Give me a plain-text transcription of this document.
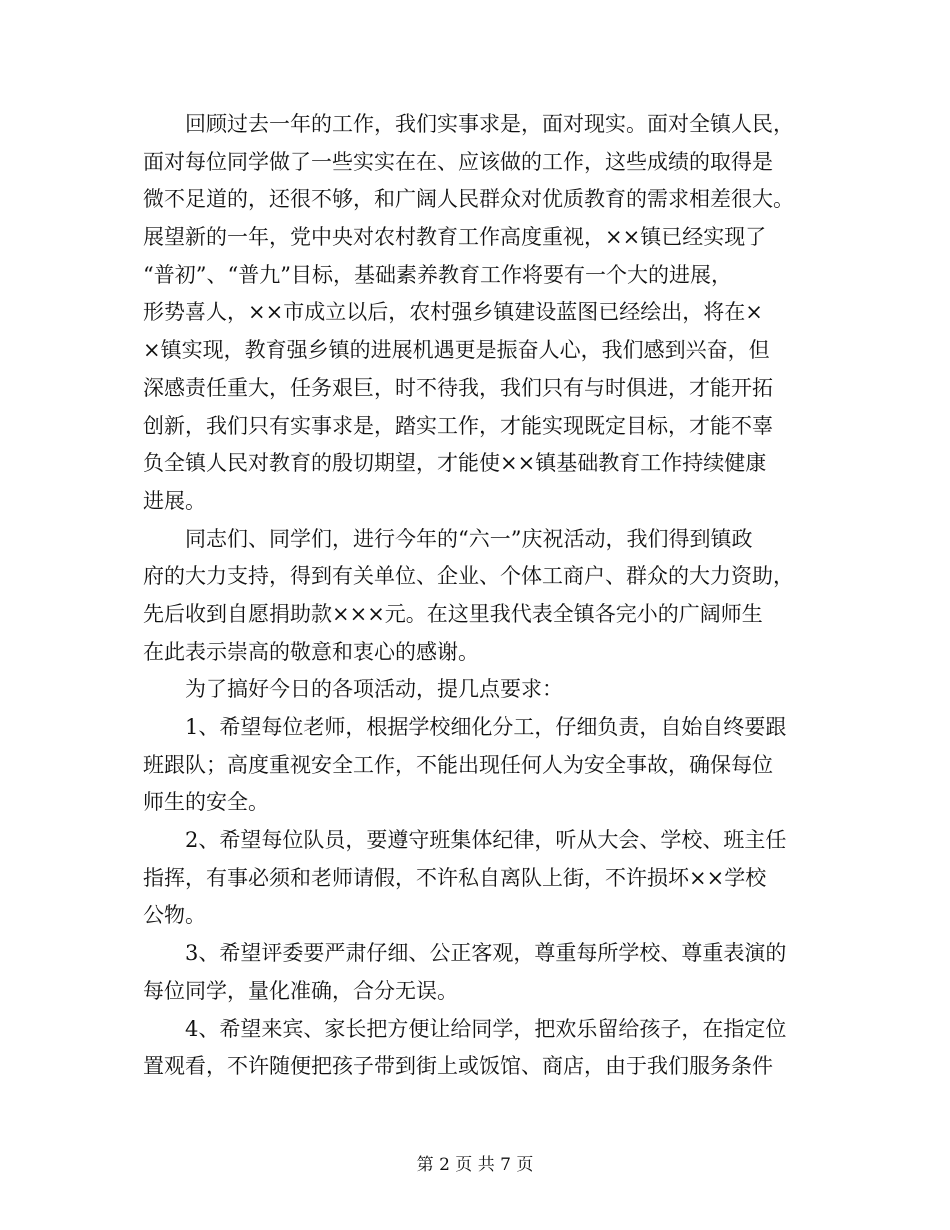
　　回顾过去一年的工作，我们实事求是，面对现实。面对全镇人民，
面对每位同学做了一些实实在在、应该做的工作，这些成绩的取得是
微不足道的，还很不够，和广阔人民群众对优质教育的需求相差很大。
展望新的一年，党中央对农村教育工作高度重视，××镇已经实现了
“普初”、“普九”目标，基础素养教育工作将要有一个大的进展，
形势喜人，××市成立以后，农村强乡镇建设蓝图已经绘出，将在×
×镇实现，教育强乡镇的进展机遇更是振奋人心，我们感到兴奋，但
深感责任重大，任务艰巨，时不待我，我们只有与时俱进，才能开拓
创新，我们只有实事求是，踏实工作，才能实现既定目标，才能不辜
负全镇人民对教育的殷切期望，才能使××镇基础教育工作持续健康
进展。
　　同志们、同学们，进行今年的“六一”庆祝活动，我们得到镇政
府的大力支持，得到有关单位、企业、个体工商户、群众的大力资助，
先后收到自愿捐助款×××元。在这里我代表全镇各完小的广阔师生
在此表示崇高的敬意和衷心的感谢。
　　为了搞好今日的各项活动，提几点要求：
　　1、希望每位老师，根据学校细化分工，仔细负责，自始自终要跟
班跟队；高度重视安全工作，不能出现任何人为安全事故，确保每位
师生的安全。
　　2、希望每位队员，要遵守班集体纪律，听从大会、学校、班主任
指挥，有事必须和老师请假，不许私自离队上街，不许损坏××学校
公物。
　　3、希望评委要严肃仔细、公正客观，尊重每所学校、尊重表演的
每位同学，量化准确，合分无误。
　　4、希望来宾、家长把方便让给同学，把欢乐留给孩子，在指定位
置观看，不许随便把孩子带到街上或饭馆、商店，由于我们服务条件
第 2 页 共 7 页
